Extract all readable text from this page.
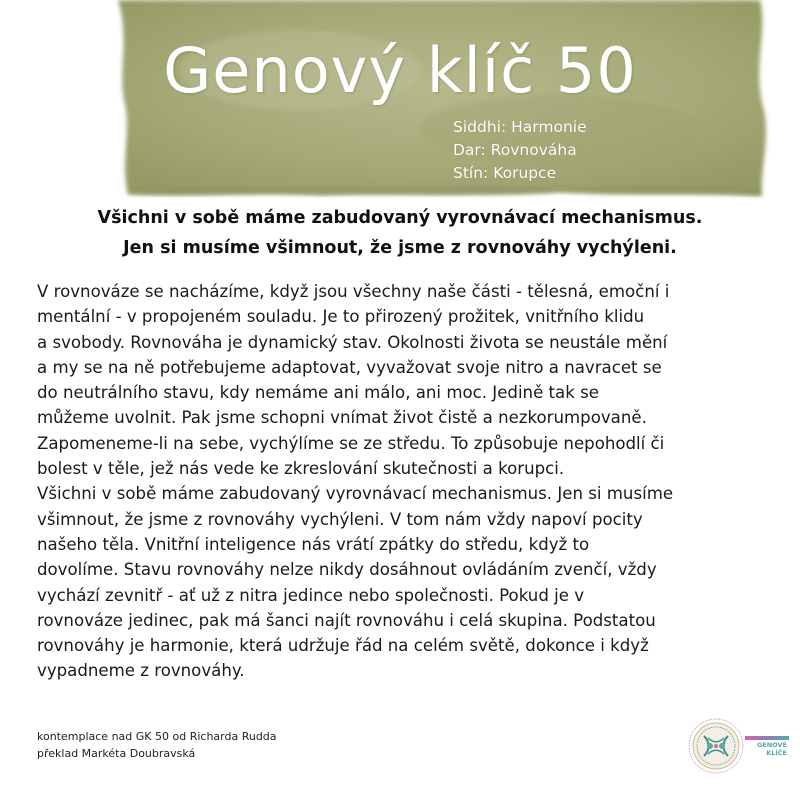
Genový klíč 50
Siddhi: Harmonie
Dar: Rovnováha
Stín: Korupce
Všichni v sobě máme zabudovaný vyrovnávací mechanismus.
Jen si musíme všimnout, že jsme z rovnováhy vychýleni.

V rovnováze se nacházíme, když jsou všechny naše části - tělesná, emoční i

mentální - v propojeném souladu. Je to přirozený prožitek, vnitřního klidu

a svobody. Rovnováha je dynamický stav. Okolnosti života se neustále mění

a my se na ně potřebujeme adaptovat, vyvažovat svoje nitro a navracet se

do neutrálního stavu, kdy nemáme ani málo, ani moc. Jedině tak se

můžeme uvolnit. Pak jsme schopni vnímat život čistě a nezkorumpovaně.

Zapomeneme-li na sebe, vychýlíme se ze středu. To způsobuje nepohodlí či

bolest v těle, jež nás vede ke zkreslování skutečnosti a korupci.

Všichni v sobě máme zabudovaný vyrovnávací mechanismus. Jen si musíme

všimnout, že jsme z rovnováhy vychýleni. V tom nám vždy napoví pocity

našeho těla. Vnitřní inteligence nás vrátí zpátky do středu, když to

dovolíme. Stavu rovnováhy nelze nikdy dosáhnout ovládáním zvenčí, vždy

vychází zevnitř - ať už z nitra jedince nebo společnosti. Pokud je v

rovnováze jedinec, pak má šanci najít rovnováhu i celá skupina. Podstatou

rovnováhy je harmonie, která udržuje řád na celém světě, dokonce i když

vypadneme z rovnováhy.

kontemplace nad GK 50 od Richarda Rudda
překlad Markéta Doubravská
GENOVÉ
KLÍČE
